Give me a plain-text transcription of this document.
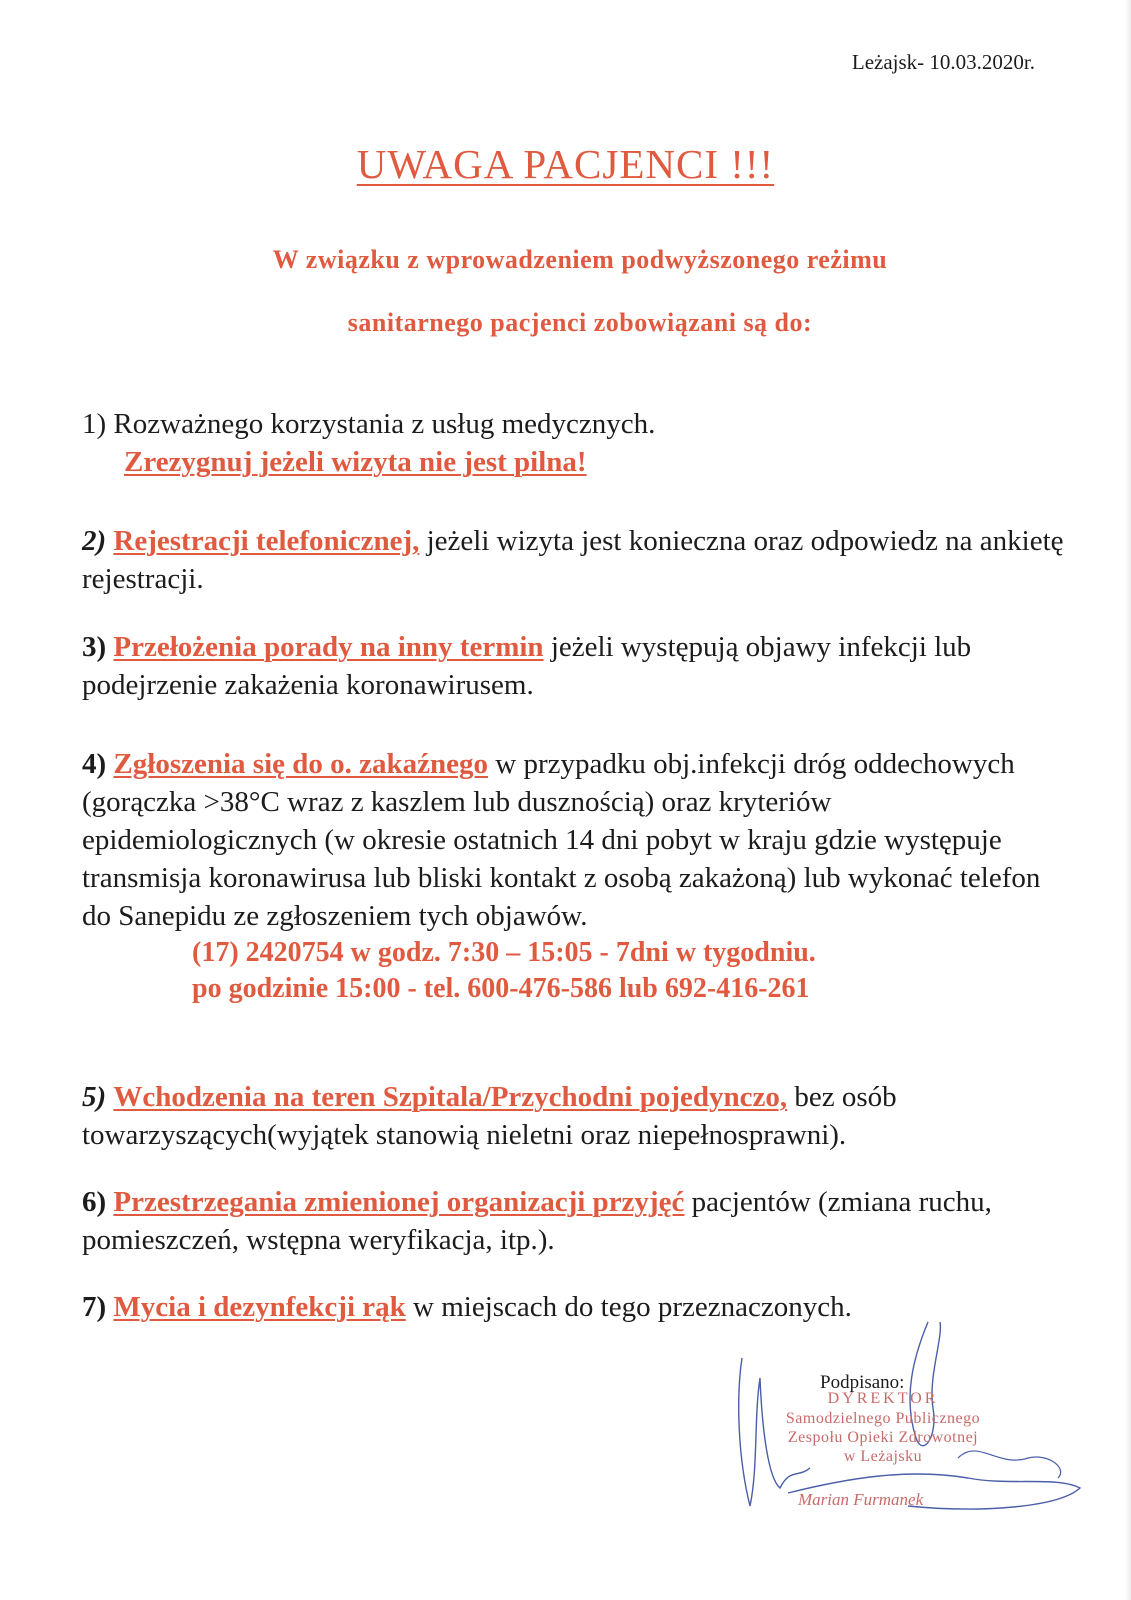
Leżajsk- 10.03.2020r.
UWAGA PACJENCI !!!
W związku z wprowadzeniem podwyższonego reżimu
sanitarnego pacjenci zobowiązani są do:
1) Rozważnego korzystania z usług medycznych.
Zrezygnuj jeżeli wizyta nie jest pilna!
2) Rejestracji telefonicznej, jeżeli wizyta jest konieczna oraz odpowiedz na ankietę rejestracji.
3) Przełożenia porady na inny termin jeżeli występują objawy infekcji lub podejrzenie zakażenia koronawirusem.
4) Zgłoszenia się do o. zakaźnego w przypadku obj.infekcji dróg oddechowych (gorączka >38°C wraz z kaszlem lub dusznością) oraz kryteriów epidemiologicznych (w okresie ostatnich 14 dni pobyt w kraju gdzie występuje transmisja koronawirusa lub bliski kontakt z osobą zakażoną) lub wykonać telefon do Sanepidu ze zgłoszeniem tych objawów.
(17) 2420754 w godz. 7:30 – 15:05 - 7dni w tygodniu.
po godzinie 15:00 - tel. 600-476-586 lub 692-416-261
5) Wchodzenia na teren Szpitala/Przychodni pojedynczo, bez osób towarzyszących(wyjątek stanowią nieletni oraz niepełnosprawni).
6) Przestrzegania zmienionej organizacji przyjęć pacjentów (zmiana ruchu, pomieszczeń, wstępna weryfikacja, itp.).
7) Mycia i dezynfekcji rąk w miejscach do tego przeznaczonych.
Podpisano:
DYREKTOR
Samodzielnego Publicznego
Zespołu Opieki Zdrowotnej
w Leżajsku
Marian Furmanek
